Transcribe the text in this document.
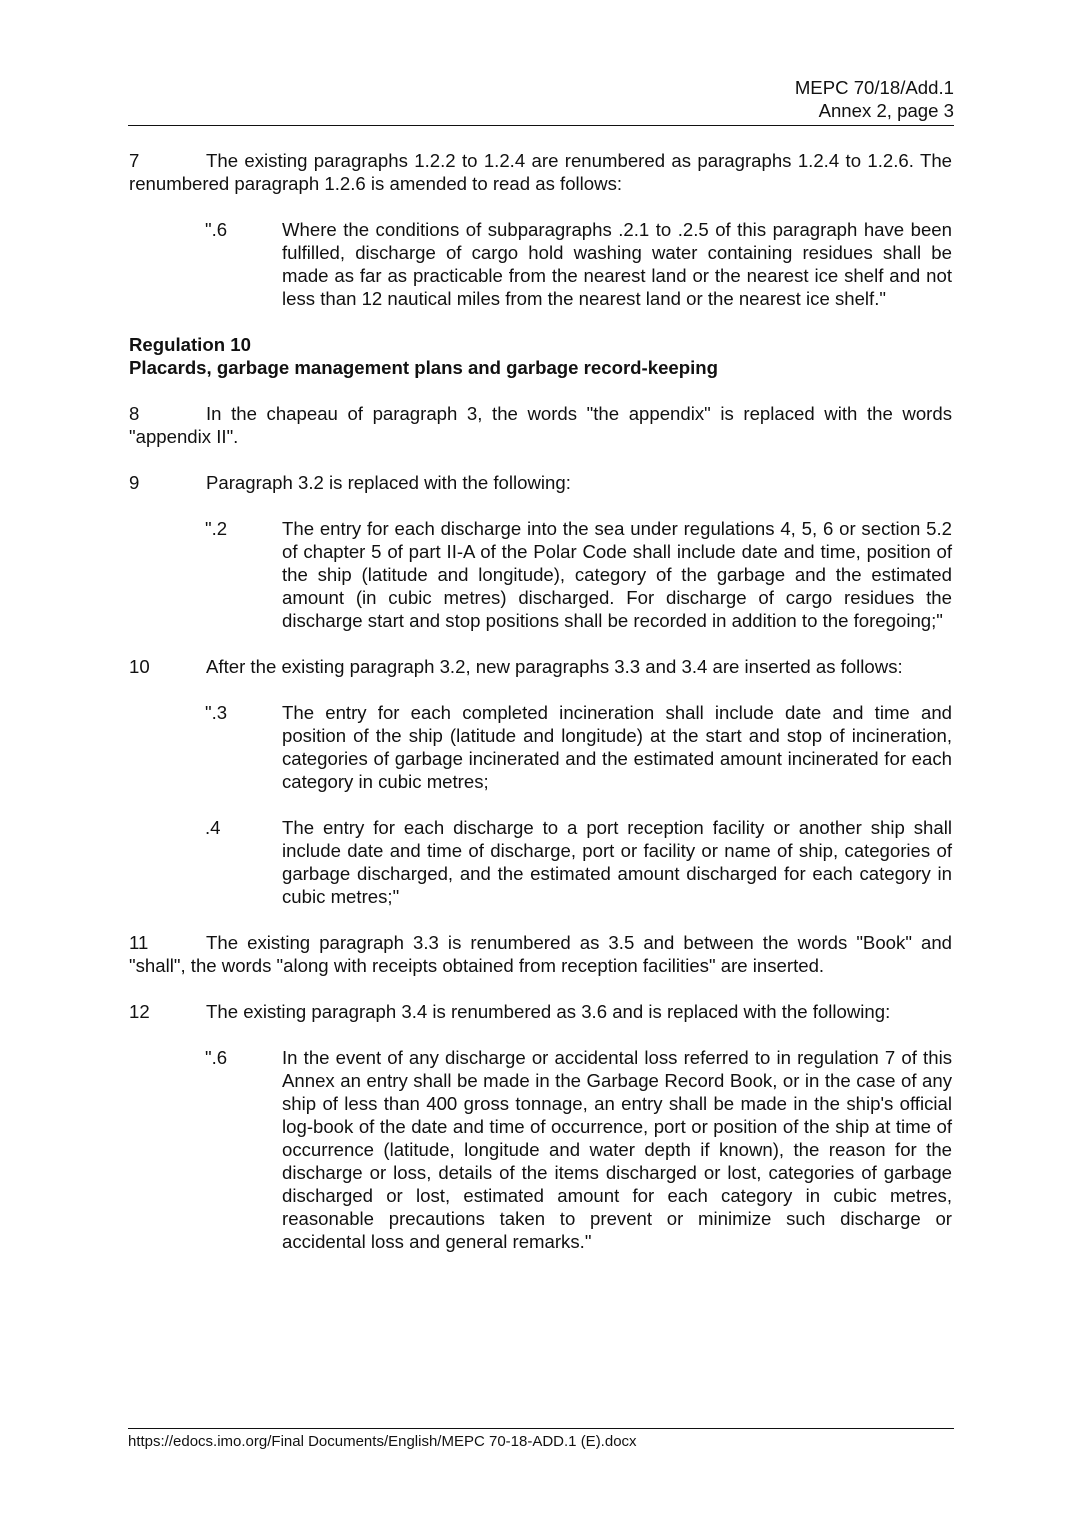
MEPC 70/18/Add.1
Annex 2, page 3

7	The existing paragraphs 1.2.2 to 1.2.4 are renumbered as paragraphs 1.2.4 to 1.2.6. The renumbered paragraph 1.2.6 is amended to read as follows:

".6	Where the conditions of subparagraphs .2.1 to .2.5 of this paragraph have been fulfilled, discharge of cargo hold washing water containing residues shall be made as far as practicable from the nearest land or the nearest ice shelf and not less than 12 nautical miles from the nearest land or the nearest ice shelf."
Regulation 10
Placards, garbage management plans and garbage record-keeping

8	In the chapeau of paragraph 3, the words "the appendix" is replaced with the words "appendix II".

9	Paragraph 3.2 is replaced with the following:

".2	The entry for each discharge into the sea under regulations 4, 5, 6 or section 5.2 of chapter 5 of part II-A of the Polar Code shall include date and time, position of the ship (latitude and longitude), category of the garbage and the estimated amount (in cubic metres) discharged. For discharge of cargo residues the discharge start and stop positions shall be recorded in addition to the foregoing;"

10	After the existing paragraph 3.2, new paragraphs 3.3 and 3.4 are inserted as follows:

".3	The entry for each completed incineration shall include date and time and position of the ship (latitude and longitude) at the start and stop of incineration, categories of garbage incinerated and the estimated amount incinerated for each category in cubic metres;
.4	The entry for each discharge to a port reception facility or another ship shall include date and time of discharge, port or facility or name of ship, categories of garbage discharged, and the estimated amount discharged for each category in cubic metres;"

11	The existing paragraph 3.3 is renumbered as 3.5 and between the words "Book" and "shall", the words "along with receipts obtained from reception facilities" are inserted.

12	The existing paragraph 3.4 is renumbered as 3.6 and is replaced with the following:

".6	In the event of any discharge or accidental loss referred to in regulation 7 of this Annex an entry shall be made in the Garbage Record Book, or in the case of any ship of less than 400 gross tonnage, an entry shall be made in the ship's official log-book of the date and time of occurrence, port or position of the ship at time of occurrence (latitude, longitude and water depth if known), the reason for the discharge or loss, details of the items discharged or lost, categories of garbage discharged or lost, estimated amount for each category in cubic metres, reasonable precautions taken to prevent or minimize such discharge or accidental loss and general remarks."
https://edocs.imo.org/Final Documents/English/MEPC 70-18-ADD.1 (E).docx
